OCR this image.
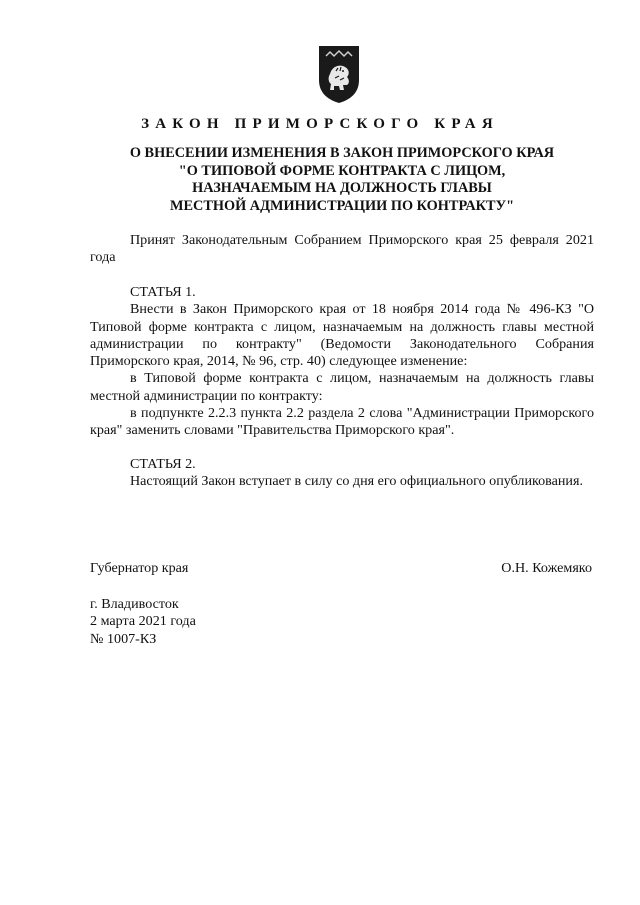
ЗАКОН ПРИМОРСКОГО КРАЯ
О ВНЕСЕНИИ ИЗМЕНЕНИЯ В ЗАКОН ПРИМОРСКОГО КРАЯ
"О ТИПОВОЙ ФОРМЕ КОНТРАКТА С ЛИЦОМ,
НАЗНАЧАЕМЫМ НА ДОЛЖНОСТЬ ГЛАВЫ
МЕСТНОЙ АДМИНИСТРАЦИИ ПО КОНТРАКТУ"

Принят Законодательным Собранием Приморского края 25 февраля 2021 года

СТАТЬЯ 1.

Внести в Закон Приморского края от 18 ноября 2014 года № 496-КЗ "О Типовой форме контракта с лицом, назначаемым на должность главы местной администрации по контракту" (Ведомости Законодательного Собрания Приморского края, 2014, № 96, стр. 40) следующее изменение:

в Типовой форме контракта с лицом, назначаемым на должность главы местной администрации по контракту:

в подпункте 2.2.3 пункта 2.2 раздела 2 слова "Администрации Приморского края" заменить словами "Правительства Приморского края".

СТАТЬЯ 2.

Настоящий Закон вступает в силу со дня его официального опубликования.

Губернатор края	О.Н. Кожемяко
г. Владивосток
2 марта 2021 года
№ 1007-КЗ
